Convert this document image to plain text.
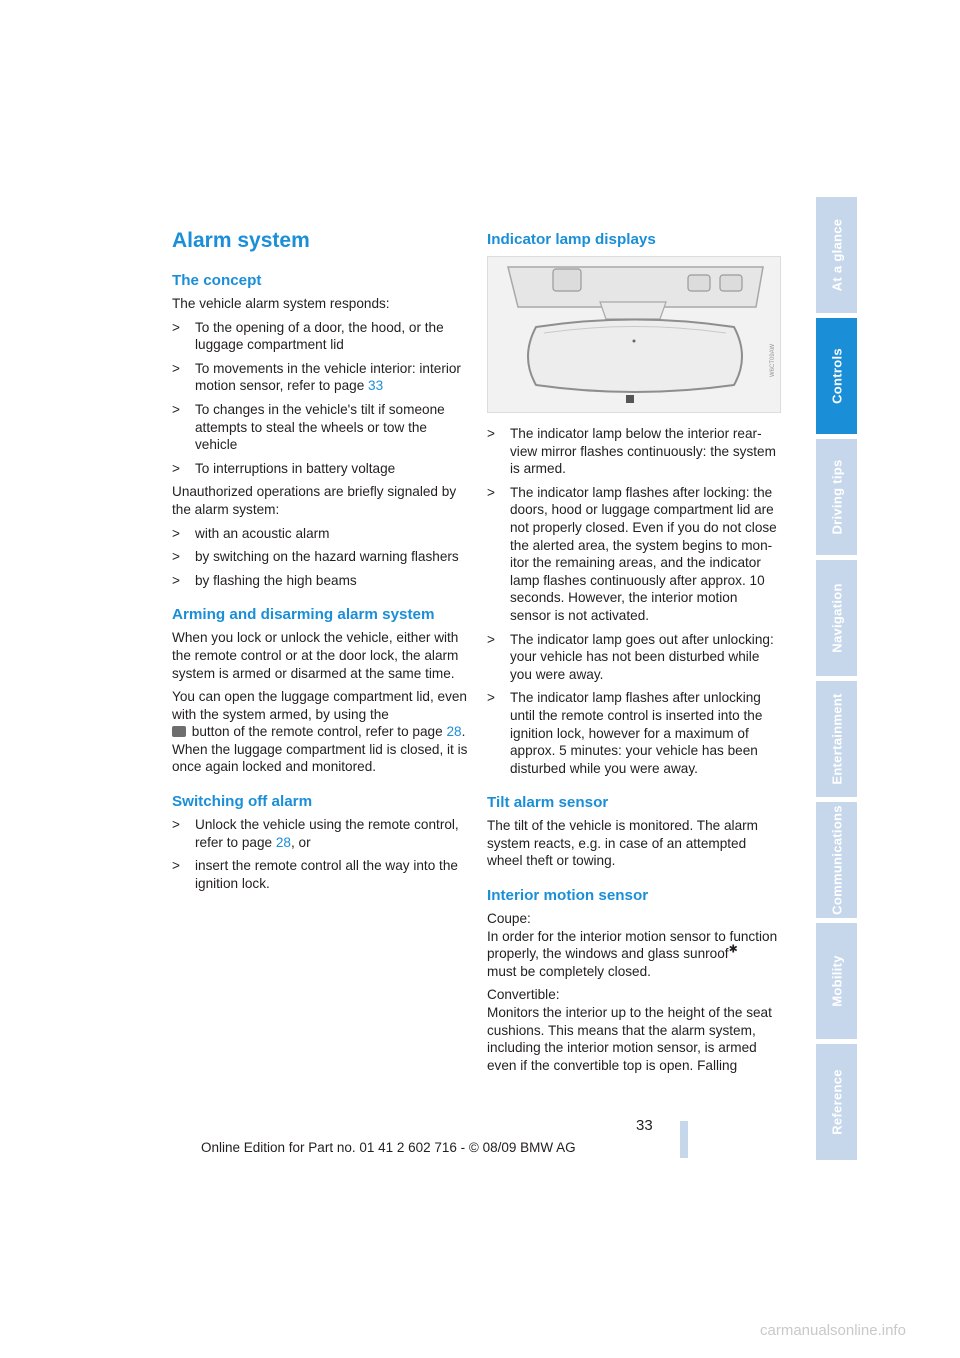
Alarm system
The concept

The vehicle alarm system responds:

> To the opening of a door, the hood, or the luggage compartment lid
> To movements in the vehicle interior: interior motion sensor, refer to page 33
> To changes in the vehicle's tilt if someone attempts to steal the wheels or tow the vehicle
> To interruptions in battery voltage

Unauthorized operations are briefly signaled by the alarm system:

> with an acoustic alarm
> by switching on the hazard warning flashers
> by flashing the high beams
Arming and disarming alarm system

When you lock or unlock the vehicle, either with the remote control or at the door lock, the alarm system is armed or disarmed at the same time.

You can open the luggage compartment lid, even with the system armed, by using the
button of the remote control, refer to page 28. When the luggage compartment lid is closed, it is once again locked and monitored.

Switching off alarm
> Unlock the vehicle using the remote control, refer to page 28, or
> insert the remote control all the way into the ignition lock.
Indicator lamp displays
W6CT09AW
> The indicator lamp below the interior rearview mirror flashes continuously: the system is armed.
> The indicator lamp flashes after locking: the doors, hood or luggage compartment lid are not properly closed. Even if you do not close the alerted area, the system begins to monitor the remaining areas, and the indicator lamp flashes continuously after approx. 10 seconds. However, the interior motion sensor is not activated.
> The indicator lamp goes out after unlocking: your vehicle has not been disturbed while you were away.
> The indicator lamp flashes after unlocking until the remote control is inserted into the ignition lock, however for a maximum of approx. 5 minutes: your vehicle has been disturbed while you were away.
Tilt alarm sensor

The tilt of the vehicle is monitored. The alarm system reacts, e.g. in case of an attempted wheel theft or towing.

Interior motion sensor

Coupe:
In order for the interior motion sensor to function properly, the windows and glass sunroof✱
must be completely closed.

Convertible:
Monitors the interior up to the height of the seat cushions. This means that the alarm system, including the interior motion sensor, is armed even if the convertible top is open. Falling

At a glance
Controls
Driving tips
Navigation
Entertainment
Communications
Mobility
Reference
33
Online Edition for Part no. 01 41 2 602 716 - © 08/09 BMW AG
carmanualsonline.info
